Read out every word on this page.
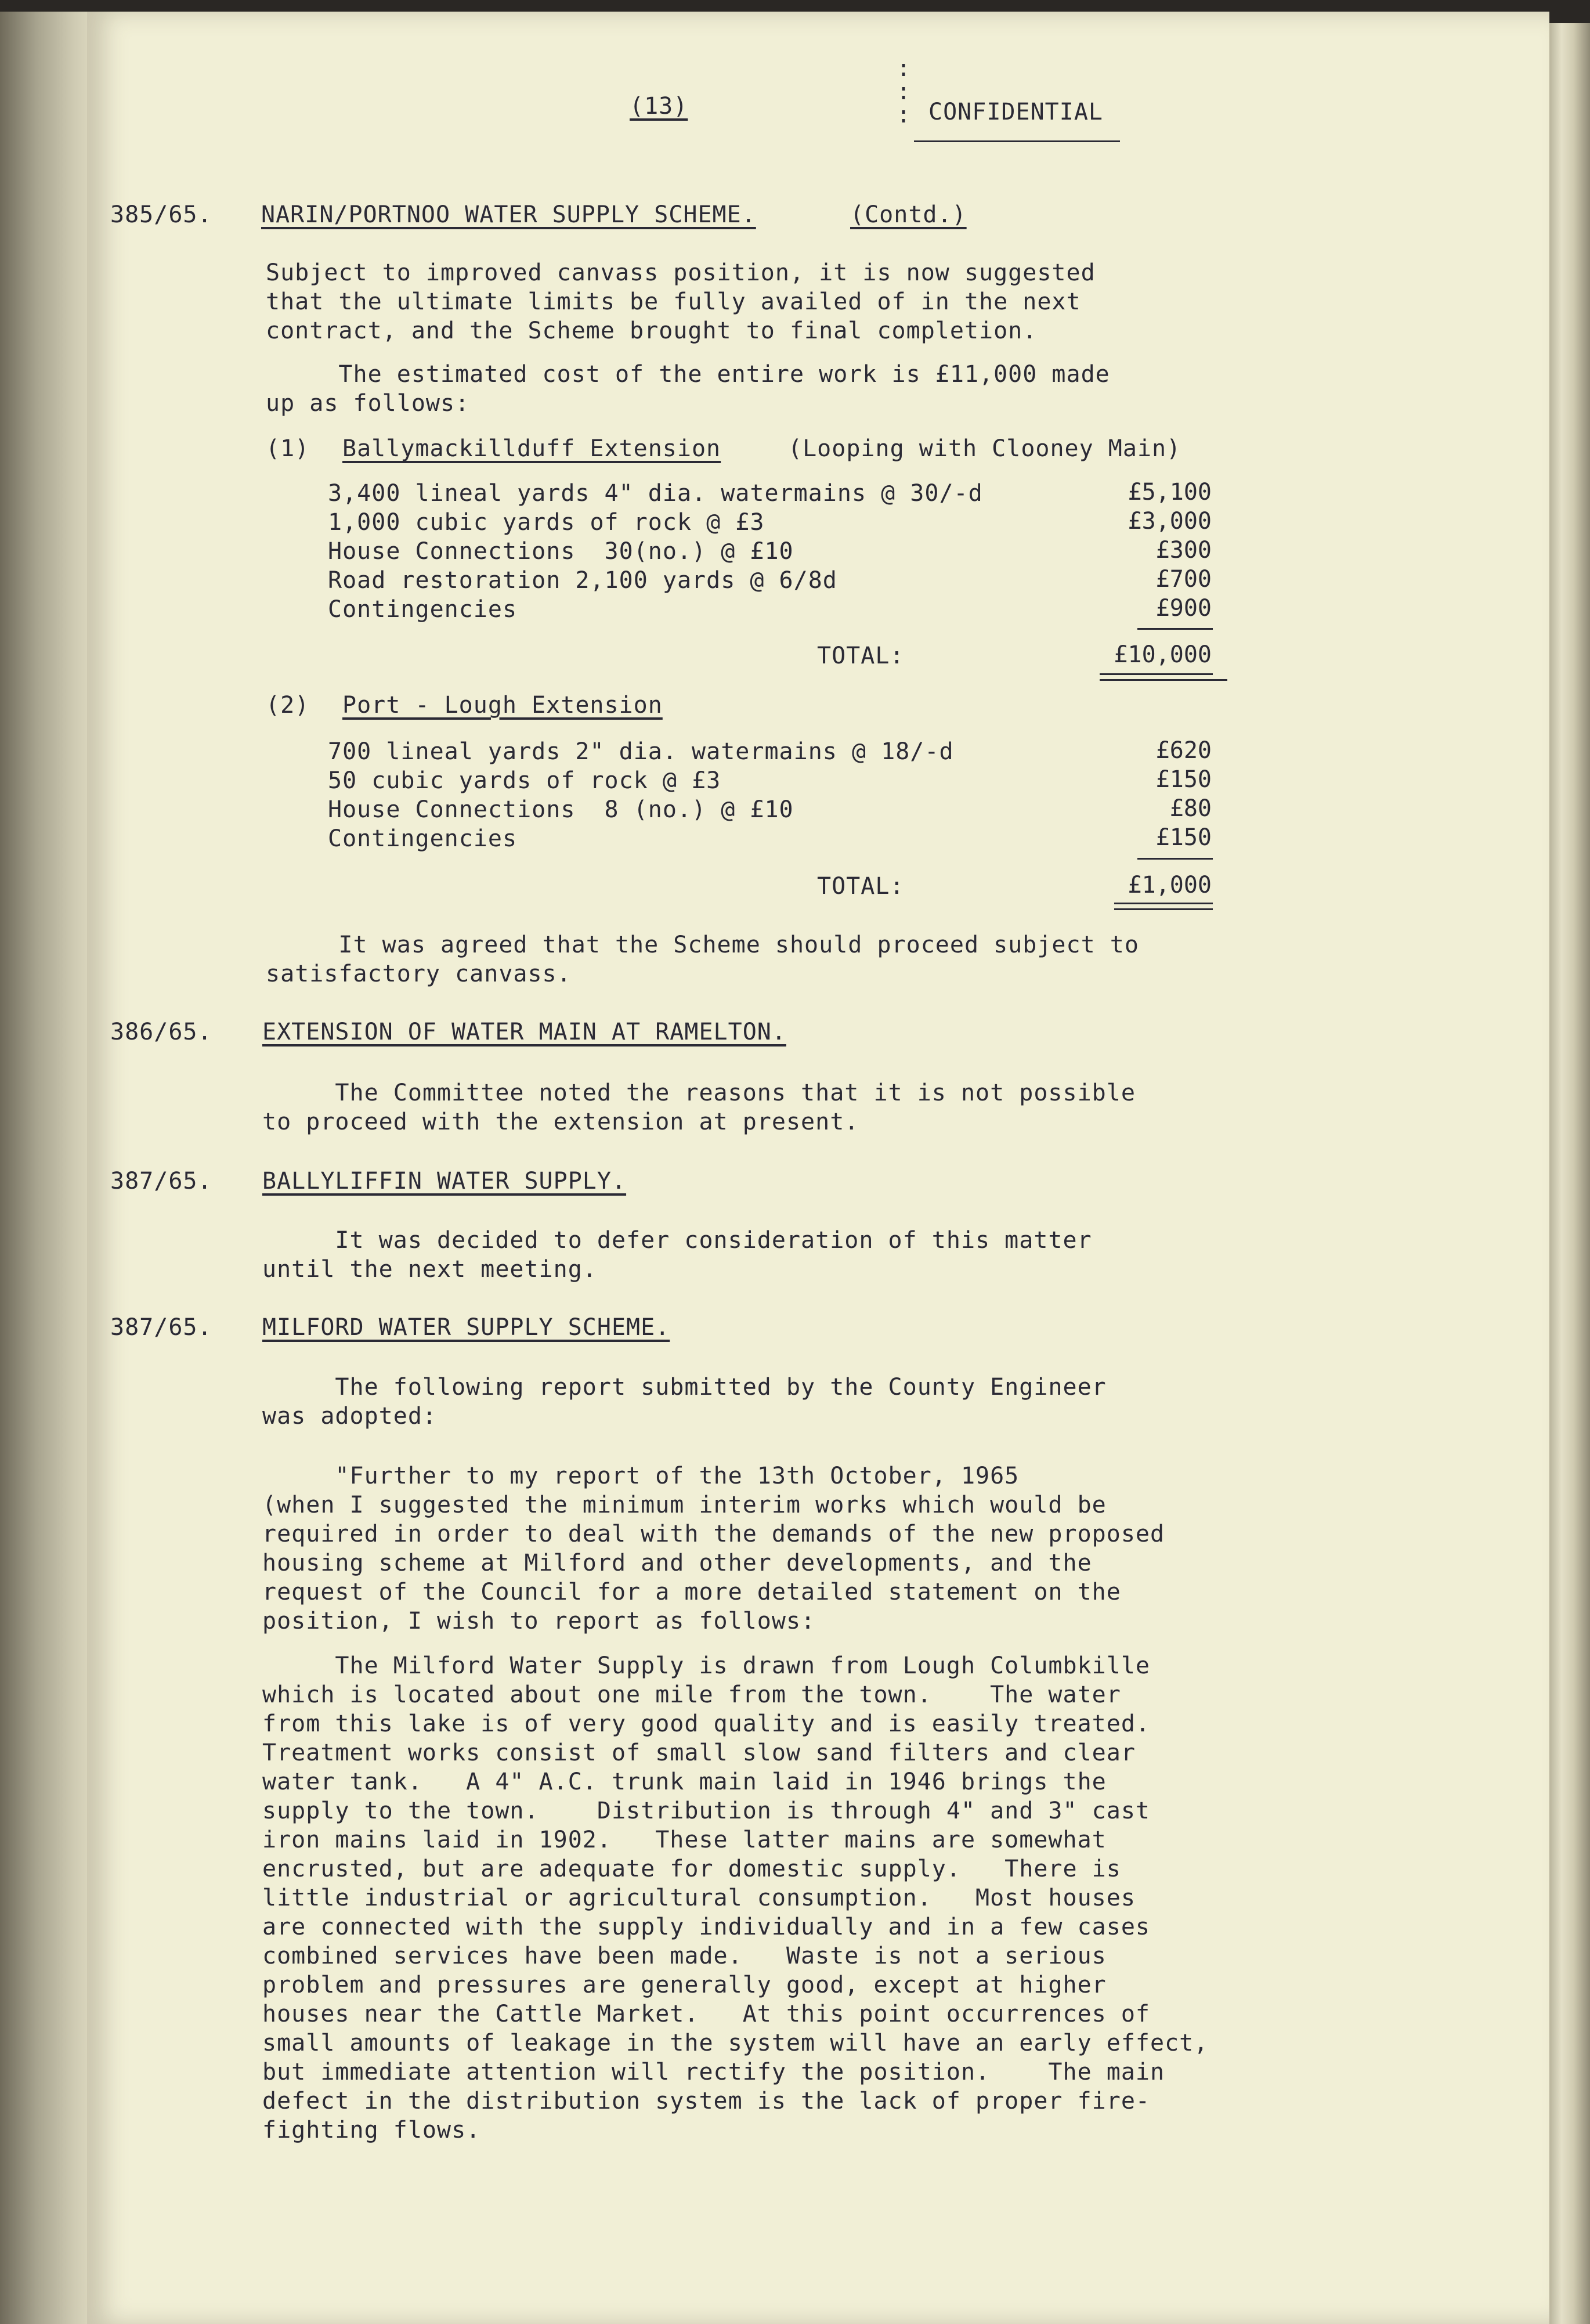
(13)
:
:
: CONFIDENTIAL
385/65. NARIN/PORTNOO WATER SUPPLY SCHEME.	(Contd.)
Subject to improved canvass position, it is now suggested
that the ultimate limits be fully availed of in the next
contract, and the Scheme brought to final completion.
The estimated cost of the entire work is £11,000 made
up as follows:
(1) Ballymackillduff Extension	(Looping with Clooney Main)
3,400 lineal yards 4" dia. watermains @ 30/-d	£5,100
1,000 cubic yards of rock @ £3	£3,000
House Connections  30(no.) @ £10	£300
Road restoration 2,100 yards @ 6/8d	£700
Contingencies	£900
TOTAL:	£10,000
(2) Port - Lough Extension
700 lineal yards 2" dia. watermains @ 18/-d	£620
50 cubic yards of rock @ £3	£150
House Connections  8 (no.) @ £10	£80
Contingencies	£150
TOTAL:	£1,000
It was agreed that the Scheme should proceed subject to
satisfactory canvass.
386/65. EXTENSION OF WATER MAIN AT RAMELTON.
The Committee noted the reasons that it is not possible
to proceed with the extension at present.
387/65. BALLYLIFFIN WATER SUPPLY.
It was decided to defer consideration of this matter
until the next meeting.
387/65. MILFORD WATER SUPPLY SCHEME.
The following report submitted by the County Engineer
was adopted:
"Further to my report of the 13th October, 1965
(when I suggested the minimum interim works which would be
required in order to deal with the demands of the new proposed
housing scheme at Milford and other developments, and the
request of the Council for a more detailed statement on the
position, I wish to report as follows:
The Milford Water Supply is drawn from Lough Columbkille
which is located about one mile from the town.    The water
from this lake is of very good quality and is easily treated.
Treatment works consist of small slow sand filters and clear
water tank.   A 4" A.C. trunk main laid in 1946 brings the
supply to the town.    Distribution is through 4" and 3" cast
iron mains laid in 1902.   These latter mains are somewhat
encrusted, but are adequate for domestic supply.   There is
little industrial or agricultural consumption.   Most houses
are connected with the supply individually and in a few cases
combined services have been made.   Waste is not a serious
problem and pressures are generally good, except at higher
houses near the Cattle Market.   At this point occurrences of
small amounts of leakage in the system will have an early effect,
but immediate attention will rectify the position.    The main
defect in the distribution system is the lack of proper fire-
fighting flows.
